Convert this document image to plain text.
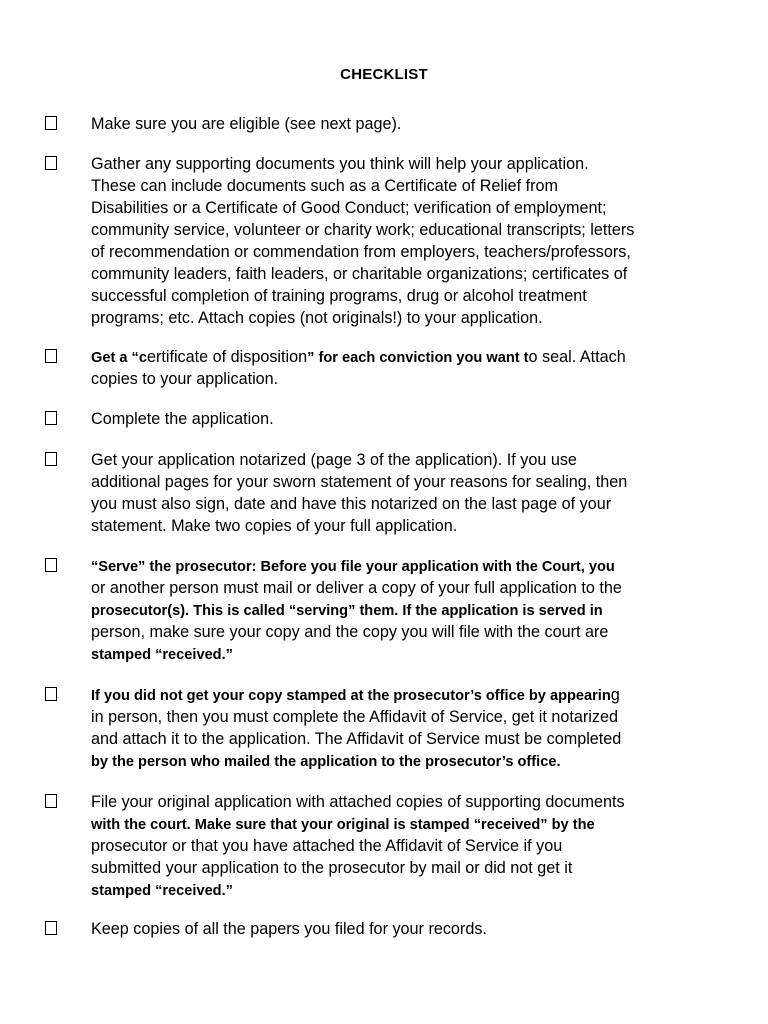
CHECKLIST
Make sure you are eligible (see next page).
Gather any supporting documents you think will help your application.
These can include documents such as a Certificate of Relief from
Disabilities or a Certificate of Good Conduct; verification of employment;
community service, volunteer or charity work; educational transcripts; letters
of recommendation or commendation from employers, teachers/professors,
community leaders, faith leaders, or charitable organizations; certificates of
successful completion of training programs, drug or alcohol treatment
programs; etc. Attach copies (not originals!) to your application.
Get a “certificate of disposition” for each conviction you want to seal. Attach
copies to your application.
Complete the application.
Get your application notarized (page 3 of the application). If you use
additional pages for your sworn statement of your reasons for sealing, then
you must also sign, date and have this notarized on the last page of your
statement. Make two copies of your full application.
“Serve” the prosecutor: Before you file your application with the Court, you
or another person must mail or deliver a copy of your full application to the
prosecutor(s). This is called “serving” them. If the application is served in
person, make sure your copy and the copy you will file with the court are
stamped “received.”
If you did not get your copy stamped at the prosecutor’s office by appearing
in person, then you must complete the Affidavit of Service, get it notarized
and attach it to the application. The Affidavit of Service must be completed
by the person who mailed the application to the prosecutor’s office.
File your original application with attached copies of supporting documents
with the court. Make sure that your original is stamped “received” by the
prosecutor or that you have attached the Affidavit of Service if you
submitted your application to the prosecutor by mail or did not get it
stamped “received.”
Keep copies of all the papers you filed for your records.
